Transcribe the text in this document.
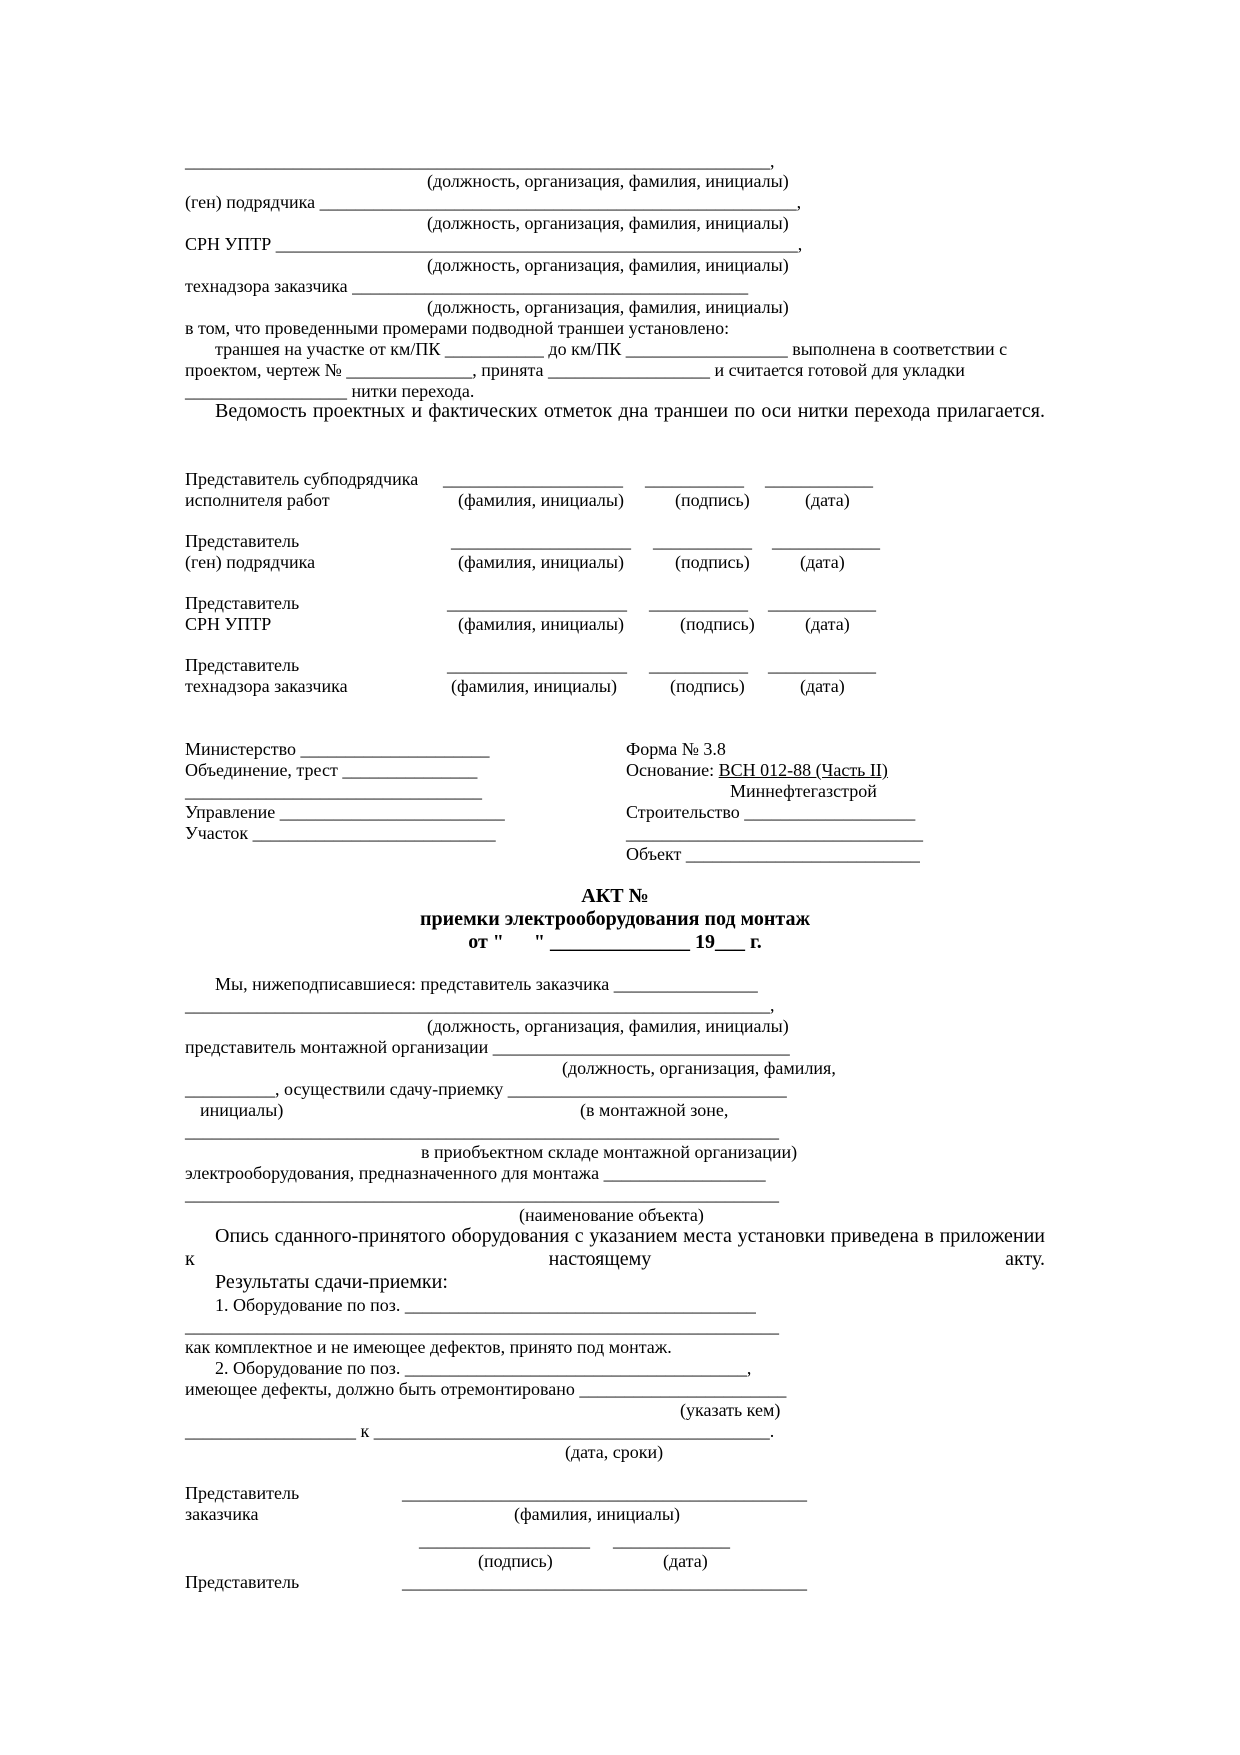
_________________________________________________________________,
(должность, организация, фамилия, инициалы)
(ген) подрядчика _____________________________________________________,
(должность, организация, фамилия, инициалы)
СРН УПТР __________________________________________________________,
(должность, организация, фамилия, инициалы)
технадзора заказчика ____________________________________________
(должность, организация, фамилия, инициалы)
в том, что проведенными промерами подводной траншеи установлено:
траншея на участке от км/ПК ___________ до км/ПК __________________ выполнена в соответствии с
проектом, чертеж № ______________, принята __________________ и считается готовой для укладки
__________________ нитки перехода.
Ведомость проектных и фактических отметок дна траншеи по оси нитки перехода прилагается.
Представитель субподрядчика
исполнителя работ
____________________ ___________ ____________
(фамилия, инициалы)	(подпись)	(дата)
Представитель
(ген) подрядчика
____________________ ___________ ____________
(фамилия, инициалы)	(подпись)	(дата)
Представитель
СРН УПТР
____________________ ___________ ____________
(фамилия, инициалы)	(подпись)	(дата)
Представитель
технадзора заказчика
____________________ ___________ ____________
(фамилия, инициалы)	(подпись)	(дата)
Министерство _____________________
Объединение, трест _______________
_________________________________
Управление _________________________
Участок ___________________________
Форма № 3.8
Основание: ВСН 012-88 (Часть II)
Миннефтегазстрой
Строительство ___________________
_________________________________
Объект __________________________
АКТ №
приемки электрооборудования под монтаж
от "      " ______________ 19___ г.
Мы, нижеподписавшиеся: представитель заказчика ________________
_________________________________________________________________,
(должность, организация, фамилия, инициалы)
представитель монтажной организации _________________________________
(должность, организация, фамилия,
__________, осуществили сдачу-приемку _______________________________
инициалы)	(в монтажной зоне,
__________________________________________________________________
в приобъектном складе монтажной организации)
электрооборудования, предназначенного для монтажа __________________
__________________________________________________________________
(наименование объекта)
Опись сданного-принятого оборудования с указанием места установки приведена в приложении к настоящему акту.
Результаты сдачи-приемки:
1. Оборудование по поз. _______________________________________
__________________________________________________________________
как комплектное и не имеющее дефектов, принято под монтаж.
2. Оборудование по поз. ______________________________________,
имеющее дефекты, должно быть отремонтировано _______________________
(указать кем)
___________________ к ____________________________________________.
(дата, сроки)
Представитель
заказчика
_____________________________________________
(фамилия, инициалы)
___________________ _____________
(подпись)	(дата)
Представитель	_____________________________________________
